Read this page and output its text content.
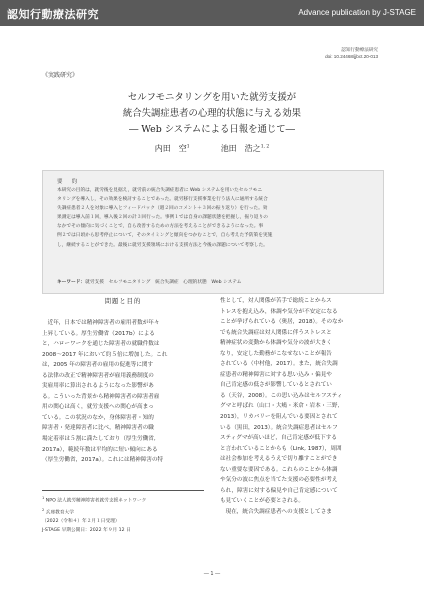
認知行動療法研究	Advance publication by J-STAGE
認知行動療法研究
doi: 10.24468/jjbct.20-013
《実践研究》
セルフモニタリングを用いた就労支援が
統合失調症患者の心理的状態に与える効果
― Web システムによる日報を通じて―
内田　空$^1$	池田　浩之$^{1, 2}$
要　約
本研究の目的は，就労後を見据え，就労前の統合失調症患者に Web システムを用いたセルフモニ
タリングを導入し，その効果を検討することであった。就労移行支援事業を行う法人に通所する統合
失調症患者２人を対象に導入とフィードバック（週２回のコメント＋３回の振り返り）を行った。効
果測定は導入前１回，導入後２回の計３回行った。事例１では自身の課題状態を把握し，振り返りの
なかでその傾向に気づくことで，自ら改善するための方法を考えることができるようになった。事
例２では日頃から思考停止について，そのタイミングと傾向をつかむことで，自ら考えた予防策を実施
し，継続することができた。最後に就労支援領域における支援方法と今後の課題について考察した。
キーワード：就労支援　セルフモニタリング　統合失調症　心理的状態　Web システム
問題と目的
　近年，日本では精神障害者の雇用者数が年々
上昇している。厚生労働省（2017b）による
と，ハローワークを通じた障害者の就職件数は
2008～2017 年において約５倍に増加した。これ
は，2005 年の障害者の雇用の促進等に関す
る法律の改正で精神障害者が雇用義務制度の
実雇用率に算出されるようになった影響があ
る。こういった背景から精神障害者の障害者雇
用の関心は高く，就労支援への関心が高まっ
ている。この状況のなか，身体障害者・知的
障害者・発達障害者に比べ，精神障害者の職
場定着率は５割に満たしており（厚生労働省,
2017a），範続年数は平均的に短い傾向にある
（厚生労働省，2017a）。これには精神障害の特
性として，対人関係が苦手で総続ことからス
トレスを抱え込み，体調や気分が不安定になる
ことが挙げられている（奥居，2018）。そのなか
でも統合失調症は対人関係に伴うストレスと
精神症状の変動から体調や気分の波が大きく
なり，安定した勤務がこなせないことが報告
されている（中村他，2017）。また，統合失調
症患者の精神障害に対する思い込み・偏見や
自己肯定感の低さが影響しているとされてい
る（天谷，2008）。この思い込みはセルフスティ
グマと呼ばれ（山口・大嶋・米倉・岩本・三野,
2013），リカバリーを阻んでいる要因とされて
いる（黒田，2013）。統合失調症患者はセルフ
スティグマが高いほど，自己肯定感が低下する
と言われていることからも（Link, 1987），周囲
は社会参加を考えるうえで切り離すことができ
ない重要な要因である。これらのことから体調
や気分の波に焦点を当てた支援の必要性が考え
られ，障害に対する偏見や自己肯定感について
も見ていくことが必要とされる。
　現在，統合失調症患者への支援としてさま
$^1$ NPO 法人就労精神障害者就労支援ネットワーク
$^2$ 兵庫教育大学
（2022（令和４）年２月１日受理）
J-STAGE 早期公開日：2022 年９月 12 日
― 1 ―
